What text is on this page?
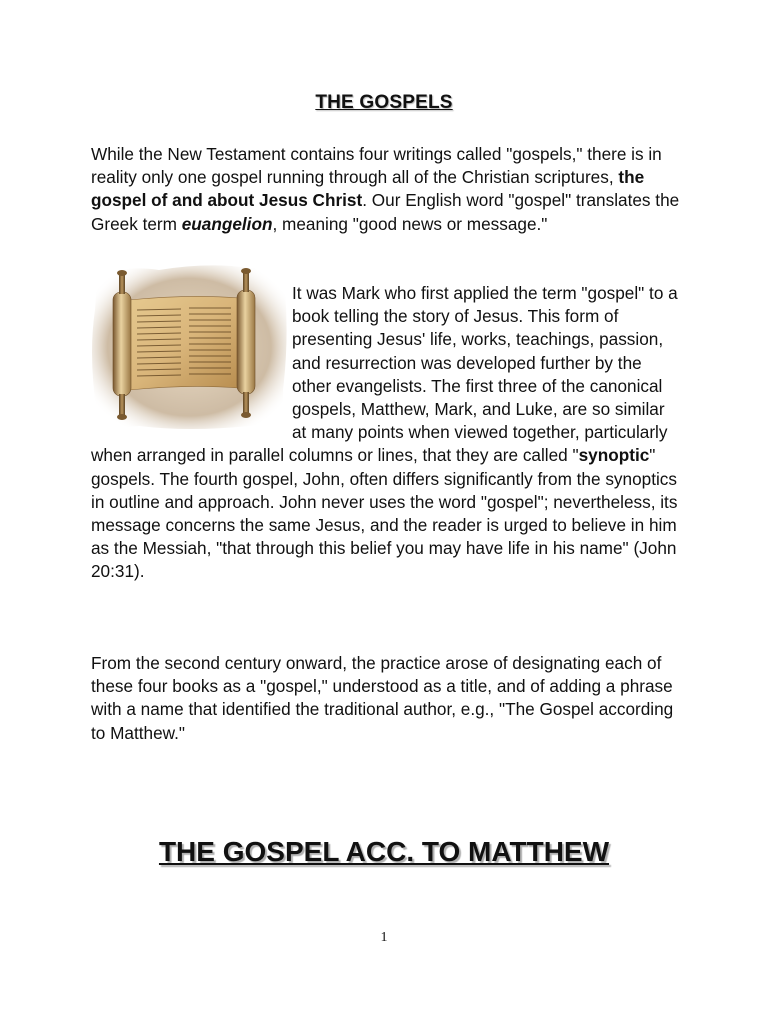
THE GOSPELS

While the New Testament contains four writings called "gospels," there is in reality only one gospel running through all of the Christian scriptures, the gospel of and about Jesus Christ. Our English word "gospel" translates the Greek term euangelion, meaning "good news or message."

It was Mark who first applied the term "gospel" to a book telling the story of Jesus. This form of presenting Jesus' life, works, teachings, passion, and resurrection was developed further by the other evangelists. The first three of the canonical gospels, Matthew, Mark, and Luke, are so similar at many points when viewed together, particularly when arranged in parallel columns or lines, that they are called "synoptic" gospels. The fourth gospel, John, often differs significantly from the synoptics in outline and approach. John never uses the word "gospel"; nevertheless, its message concerns the same Jesus, and the reader is urged to believe in him as the Messiah, "that through this belief you may have life in his name" (John 20:31).

From the second century onward, the practice arose of designating each of these four books as a "gospel," understood as a title, and of adding a phrase with a name that identified the traditional author, e.g., "The Gospel according to Matthew."

THE GOSPEL ACC. TO MATTHEW
1
